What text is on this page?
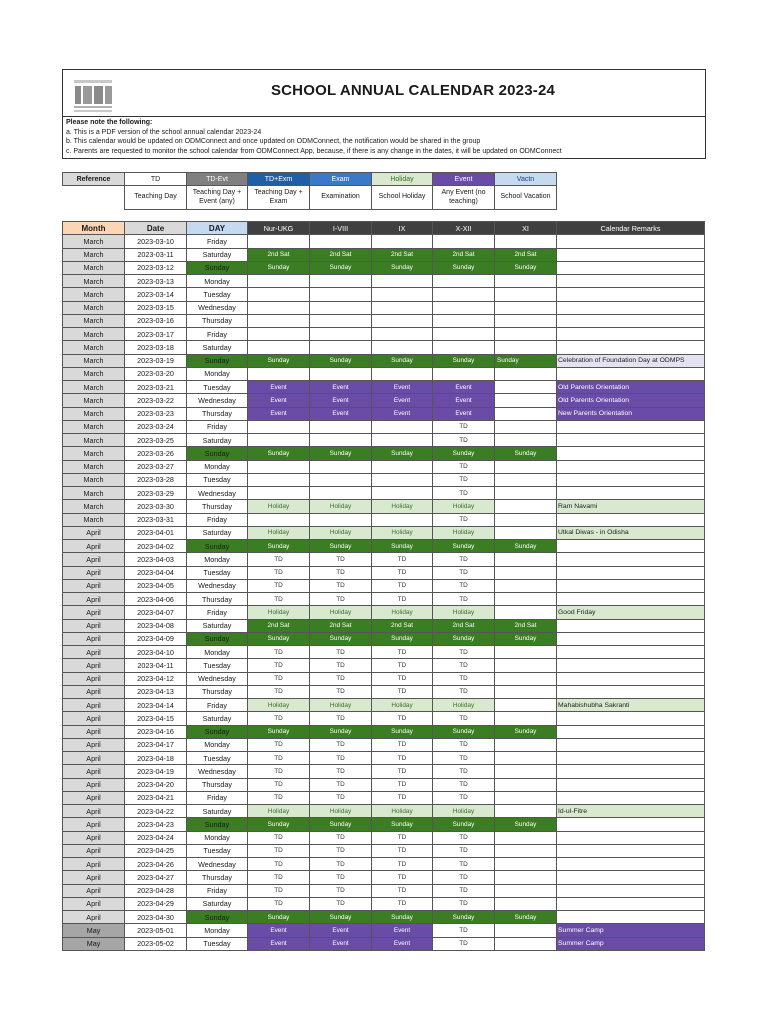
SCHOOL ANNUAL CALENDAR 2023-24
Please note the following:
a. This is a PDF version of the school annual calendar 2023-24
b. This calendar would be updated on ODMConnect and once updated on ODMConnect, the notification would be shared in the group
c. Parents are requested to monitor the school calendar from ODMConnect App, because, if there is any change in the dates, it will be updated on ODMConnect
Reference	TD	TD-Evt	TD+Exm	Exam	Holiday	Event	Vactn
	Teaching Day	Teaching Day + Event (any)	Teaching Day + Exam	Examination	School Holiday	Any Event (no teaching)	School Vacation
Month	Date	DAY	Nur-UKG	I-VIII	IX	X-XII	XI	Calendar Remarks
March	2023-03-10	Friday						
March	2023-03-11	Saturday	2nd Sat	2nd Sat	2nd Sat	2nd Sat	2nd Sat	
March	2023-03-12	Sunday	Sunday	Sunday	Sunday	Sunday	Sunday	
March	2023-03-13	Monday						
March	2023-03-14	Tuesday						
March	2023-03-15	Wednesday						
March	2023-03-16	Thursday						
March	2023-03-17	Friday						
March	2023-03-18	Saturday						
March	2023-03-19	Sunday	Sunday	Sunday	Sunday	Sunday	Sunday	Celebration of Foundation Day at ODMPS
March	2023-03-20	Monday						
March	2023-03-21	Tuesday	Event	Event	Event	Event		Old Parents Orientation
March	2023-03-22	Wednesday	Event	Event	Event	Event		Old Parents Orientation
March	2023-03-23	Thursday	Event	Event	Event	Event		New Parents Orientation
March	2023-03-24	Friday				TD		
March	2023-03-25	Saturday				TD		
March	2023-03-26	Sunday	Sunday	Sunday	Sunday	Sunday	Sunday	
March	2023-03-27	Monday				TD		
March	2023-03-28	Tuesday				TD		
March	2023-03-29	Wednesday				TD		
March	2023-03-30	Thursday	Holiday	Holiday	Holiday	Holiday		Ram Navami
March	2023-03-31	Friday				TD		
April	2023-04-01	Saturday	Holiday	Holiday	Holiday	Holiday		Utkal Diwas - in Odisha
April	2023-04-02	Sunday	Sunday	Sunday	Sunday	Sunday	Sunday	
April	2023-04-03	Monday	TD	TD	TD	TD		
April	2023-04-04	Tuesday	TD	TD	TD	TD		
April	2023-04-05	Wednesday	TD	TD	TD	TD		
April	2023-04-06	Thursday	TD	TD	TD	TD		
April	2023-04-07	Friday	Holiday	Holiday	Holiday	Holiday		Good Friday
April	2023-04-08	Saturday	2nd Sat	2nd Sat	2nd Sat	2nd Sat	2nd Sat	
April	2023-04-09	Sunday	Sunday	Sunday	Sunday	Sunday	Sunday	
April	2023-04-10	Monday	TD	TD	TD	TD		
April	2023-04-11	Tuesday	TD	TD	TD	TD		
April	2023-04-12	Wednesday	TD	TD	TD	TD		
April	2023-04-13	Thursday	TD	TD	TD	TD		
April	2023-04-14	Friday	Holiday	Holiday	Holiday	Holiday		Mahabishubha Sakranti
April	2023-04-15	Saturday	TD	TD	TD	TD		
April	2023-04-16	Sunday	Sunday	Sunday	Sunday	Sunday	Sunday	
April	2023-04-17	Monday	TD	TD	TD	TD		
April	2023-04-18	Tuesday	TD	TD	TD	TD		
April	2023-04-19	Wednesday	TD	TD	TD	TD		
April	2023-04-20	Thursday	TD	TD	TD	TD		
April	2023-04-21	Friday	TD	TD	TD	TD		
April	2023-04-22	Saturday	Holiday	Holiday	Holiday	Holiday		Id-ul-Fitre
April	2023-04-23	Sunday	Sunday	Sunday	Sunday	Sunday	Sunday	
April	2023-04-24	Monday	TD	TD	TD	TD		
April	2023-04-25	Tuesday	TD	TD	TD	TD		
April	2023-04-26	Wednesday	TD	TD	TD	TD		
April	2023-04-27	Thursday	TD	TD	TD	TD		
April	2023-04-28	Friday	TD	TD	TD	TD		
April	2023-04-29	Saturday	TD	TD	TD	TD		
April	2023-04-30	Sunday	Sunday	Sunday	Sunday	Sunday	Sunday	
May	2023-05-01	Monday	Event	Event	Event	TD		Summer Camp
May	2023-05-02	Tuesday	Event	Event	Event	TD		Summer Camp
